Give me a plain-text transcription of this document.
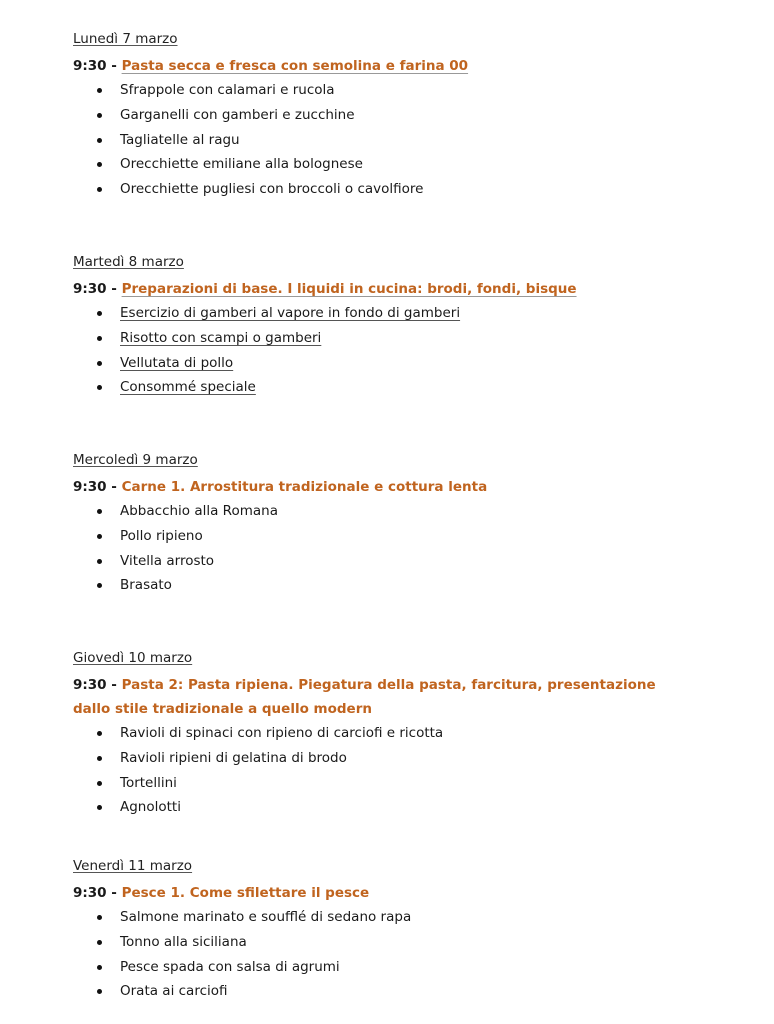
Lunedì 7 marzo
9:30 - Pasta secca e fresca con semolina e farina 00
Sfrappole con calamari e rucola
Garganelli con gamberi e zucchine
Tagliatelle al ragu
Orecchiette emiliane alla bolognese
Orecchiette pugliesi con broccoli o cavolfiore
Martedì 8 marzo
9:30 - Preparazioni di base. I liquidi in cucina: brodi, fondi, bisque
Esercizio di gamberi al vapore in fondo di gamberi
Risotto con scampi o gamberi
Vellutata di pollo
Consommé speciale
Mercoledì 9 marzo
9:30 - Carne 1. Arrostitura tradizionale e cottura lenta
Abbacchio alla Romana
Pollo ripieno
Vitella arrosto
Brasato
Giovedì 10 marzo
9:30 - Pasta 2: Pasta ripiena. Piegatura della pasta, farcitura, presentazione dallo stile tradizionale a quello modern
Ravioli di spinaci con ripieno di carciofi e ricotta
Ravioli ripieni di gelatina di brodo
Tortellini
Agnolotti
Venerdì 11 marzo
9:30 - Pesce 1. Come sfilettare il pesce
Salmone marinato e soufflé di sedano rapa
Tonno alla siciliana
Pesce spada con salsa di agrumi
Orata ai carciofi
